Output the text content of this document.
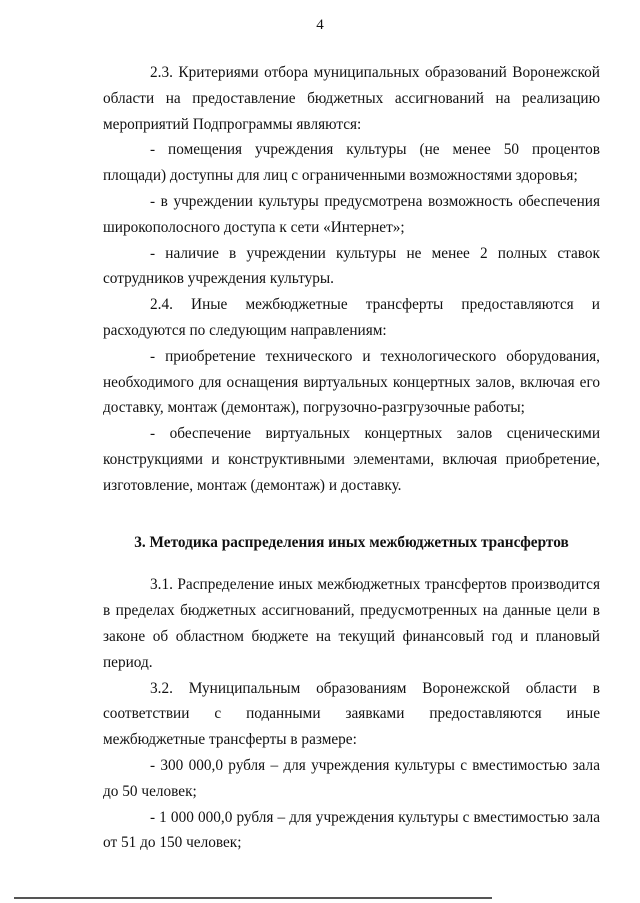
4

2.3. Критериями отбора муниципальных образований Воронежской области на предоставление бюджетных ассигнований на реализацию мероприятий Подпрограммы являются:

- помещения учреждения культуры (не менее 50 процентов площади) доступны для лиц с ограниченными возможностями здоровья;

- в учреждении культуры предусмотрена возможность обеспечения широкополосного доступа к сети «Интернет»;

- наличие в учреждении культуры не менее 2 полных ставок сотрудников учреждения культуры.

2.4. Иные межбюджетные трансферты предоставляются и расходуются по следующим направлениям:

- приобретение технического и технологического оборудования, необходимого для оснащения виртуальных концертных залов, включая его доставку, монтаж (демонтаж), погрузочно-разгрузочные работы;

- обеспечение виртуальных концертных залов сценическими конструкциями и конструктивными элементами, включая приобретение, изготовление, монтаж (демонтаж) и доставку.

3. Методика распределения иных межбюджетных трансфертов

3.1. Распределение иных межбюджетных трансфертов производится в пределах бюджетных ассигнований, предусмотренных на данные цели в законе об областном бюджете на текущий финансовый год и плановый период.

3.2. Муниципальным образованиям Воронежской области в соответствии с поданными заявками предоставляются иные межбюджетные трансферты в размере:

- 300 000,0 рубля – для учреждения культуры с вместимостью зала до 50 человек;

- 1 000 000,0 рубля – для учреждения культуры с вместимостью зала от 51 до 150 человек;
